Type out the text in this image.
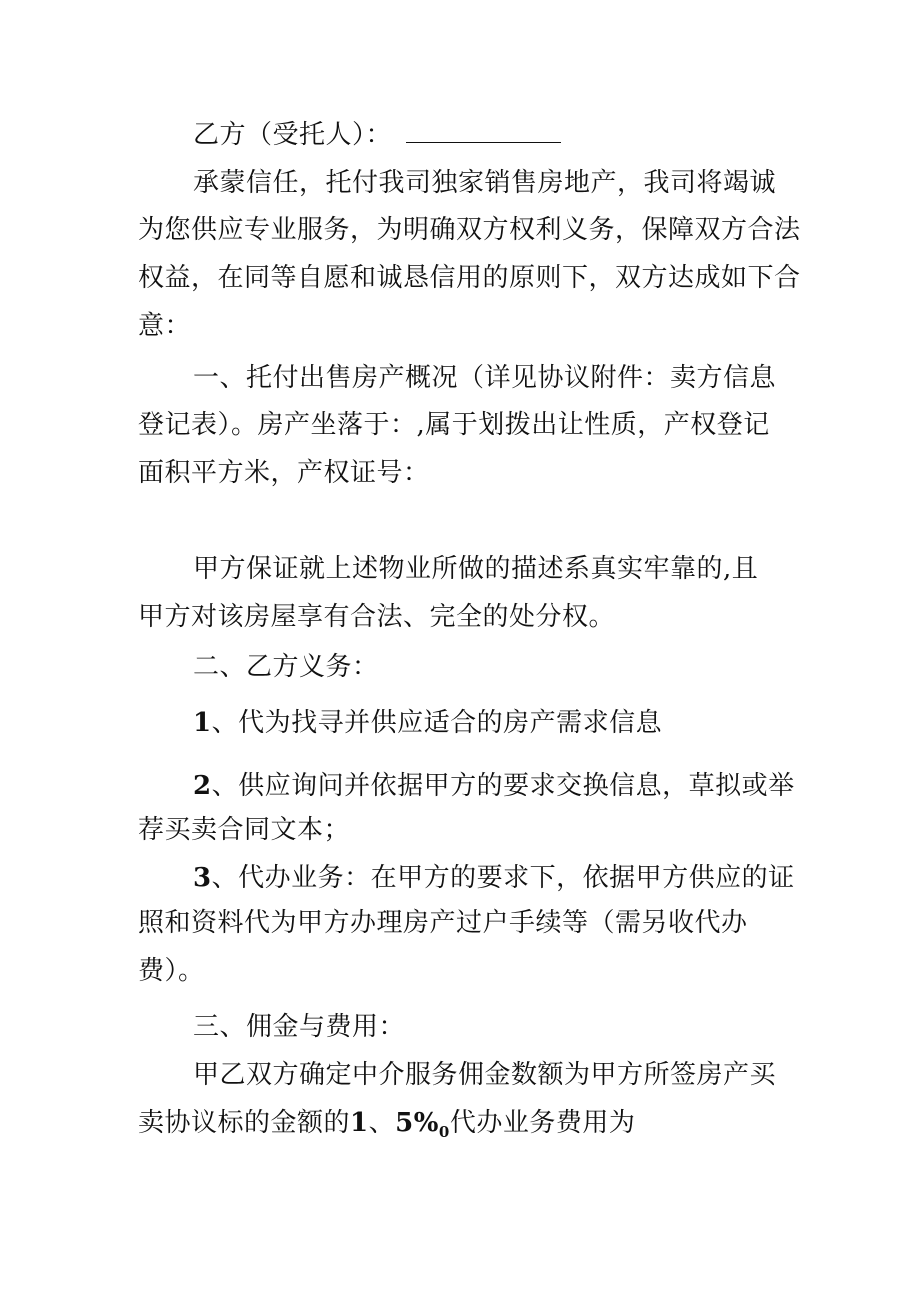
乙方（受托人）：
承蒙信任，托付我司独家销售房地产，我司将竭诚
为您供应专业服务，为明确双方权利义务，保障双方合法
权益，在同等自愿和诚恳信用的原则下，双方达成如下合
意：
一、托付出售房产概况（详见协议附件：卖方信息
登记表）。房产坐落于：,属于划拨出让性质，产权登记
面积平方米，产权证号：
甲方保证就上述物业所做的描述系真实牢靠的,且
甲方对该房屋享有合法、完全的处分权。
二、乙方义务：
1、代为找寻并供应适合的房产需求信息
2、供应询问并依据甲方的要求交换信息，草拟或举
荐买卖合同文本；
3、代办业务：在甲方的要求下，依据甲方供应的证
照和资料代为甲方办理房产过户手续等（需另收代办
费）。
三、佣金与费用：
甲乙双方确定中介服务佣金数额为甲方所签房产买
卖协议标的金额的1、$5\%_0$代办业务费用为
